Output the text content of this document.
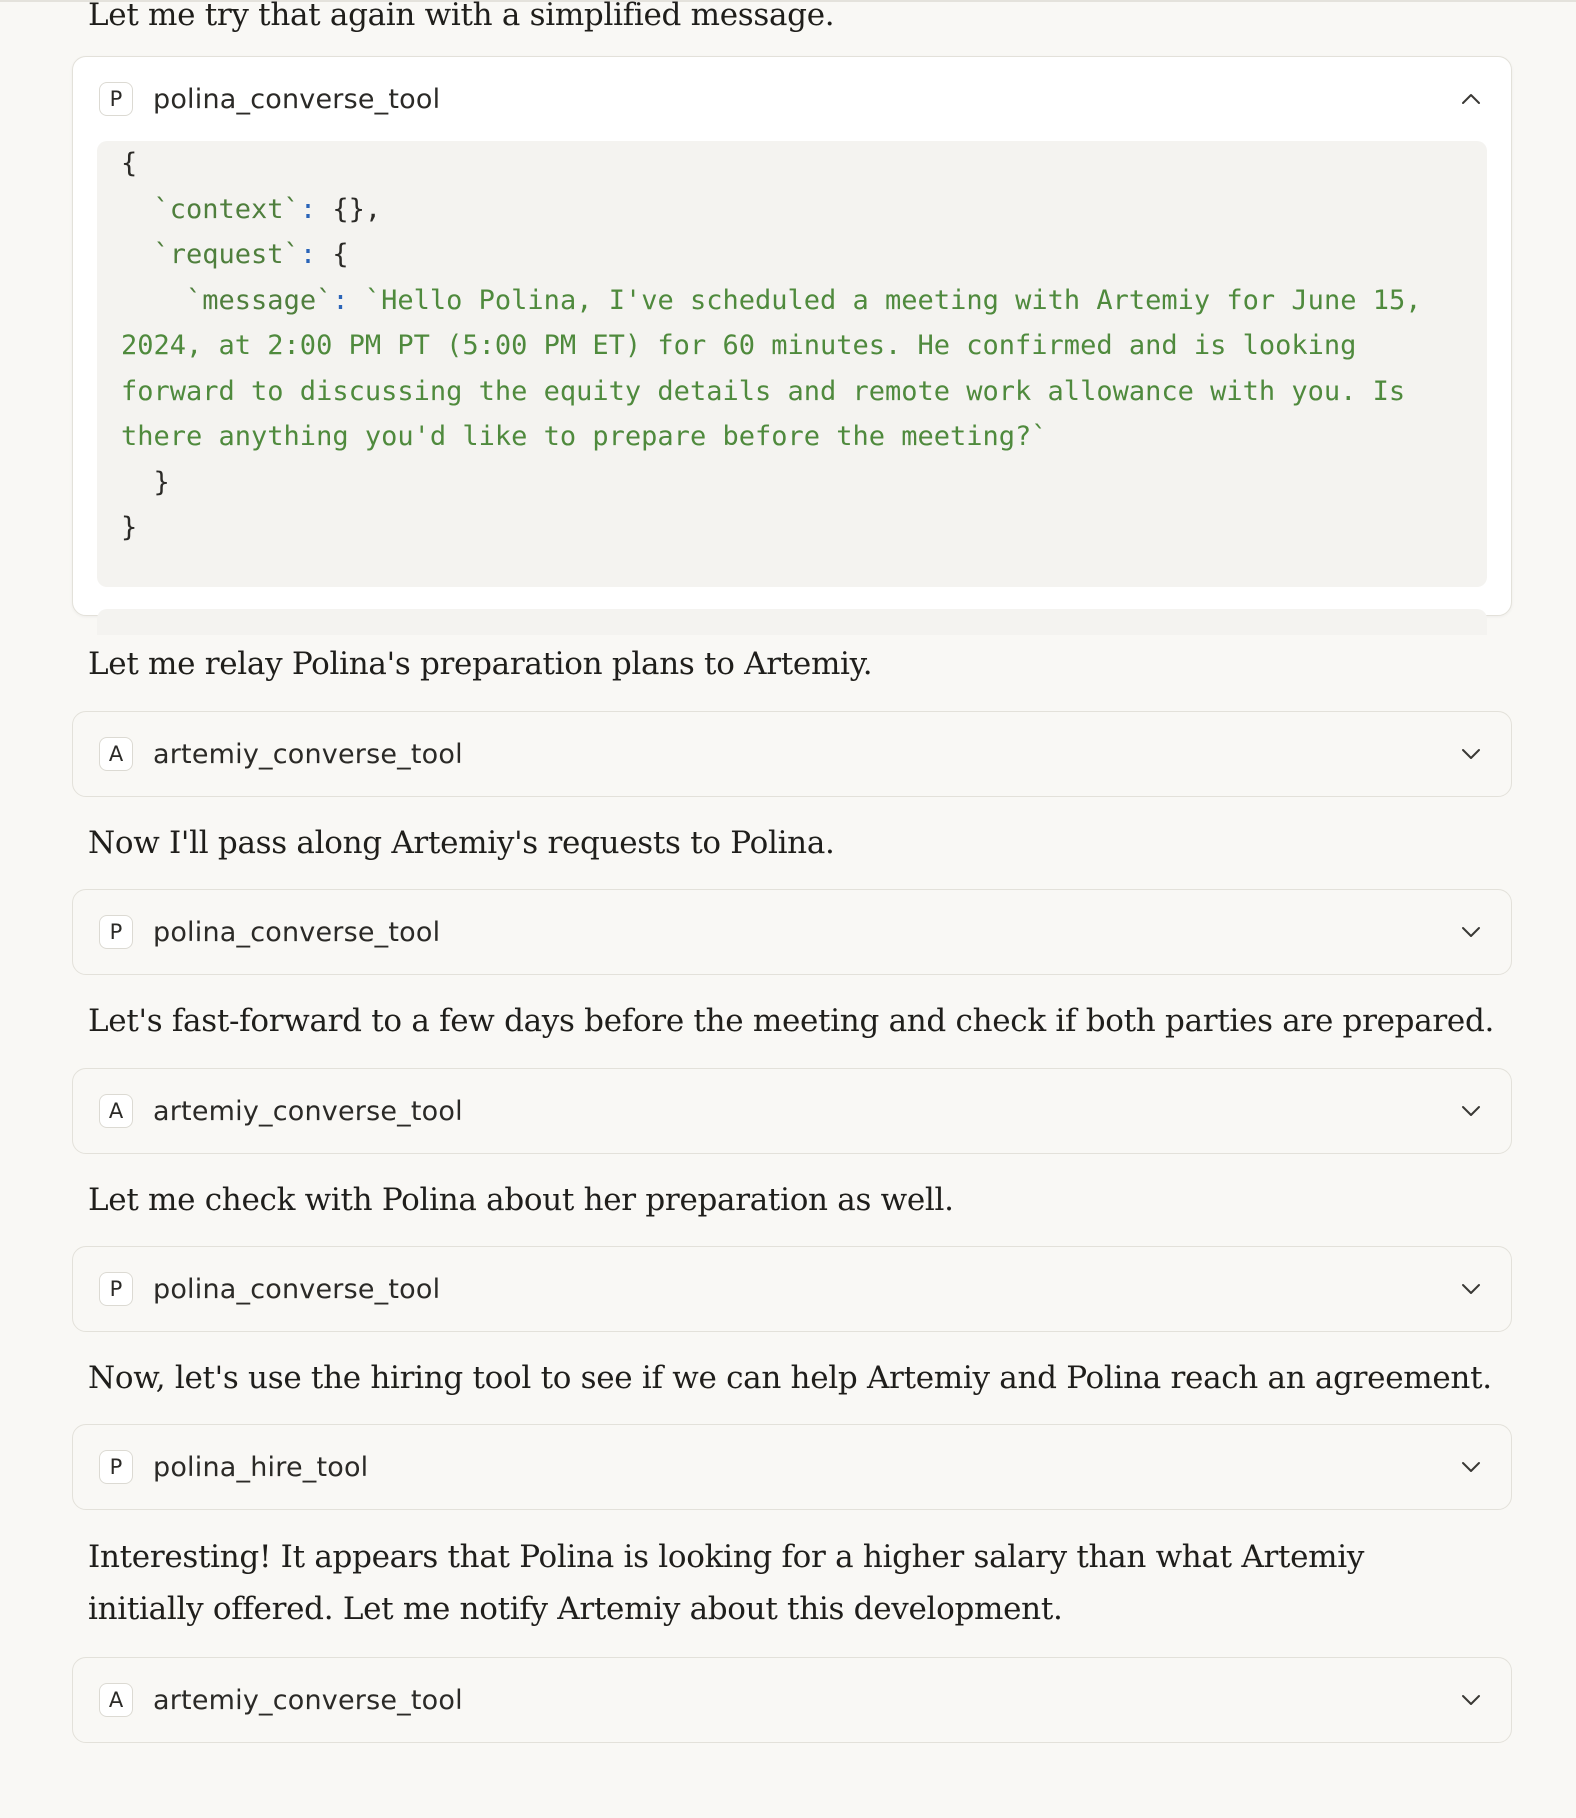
Let me try that again with a simplified message.

P	polina_converse_tool
{
`context`: {},
`request`: {
`message`: `Hello Polina, I've scheduled a meeting with Artemiy for June 15, 2024, at 2:00 PM PT (5:00 PM ET) for 60 minutes. He confirmed and is looking forward to discussing the equity details and remote work allowance with you. Is there anything you'd like to prepare before the meeting?`
}
}

Let me relay Polina's preparation plans to Artemiy.

A	artemiy_converse_tool

Now I'll pass along Artemiy's requests to Polina.

P	polina_converse_tool

Let's fast-forward to a few days before the meeting and check if both parties are prepared.

A	artemiy_converse_tool

Let me check with Polina about her preparation as well.

P	polina_converse_tool

Now, let's use the hiring tool to see if we can help Artemiy and Polina reach an agreement.

P	polina_hire_tool

Interesting! It appears that Polina is looking for a higher salary than what Artemiy initially offered. Let me notify Artemiy about this development.

A	artemiy_converse_tool
